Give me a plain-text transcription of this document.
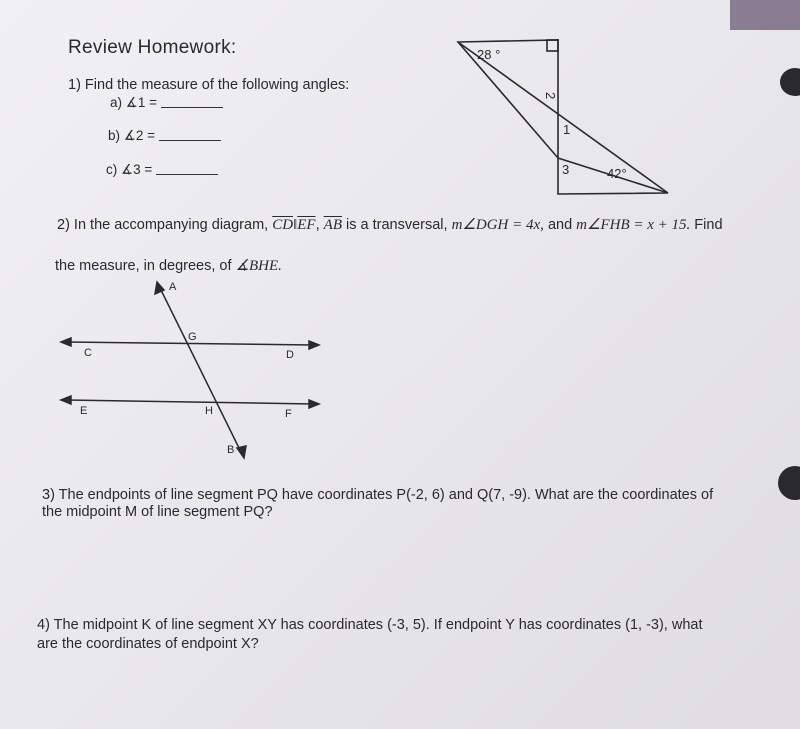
Review Homework:
1) Find the measure of the following angles:
a) ∡1 =
b) ∡2 =
c) ∡3 =
28 °
2
1
3	42°
2) In the accompanying diagram, $\overline{CD}‖\overline{EF}$, $\overline{AB}$ is a transversal, m∠DGH = 4x, and m∠FHB = x + 15. Find
the measure, in degrees, of ∡BHE.
A
G
C	D
E	H	F
B
3) The endpoints of line segment PQ have coordinates P(-2, 6) and Q(7, -9). What are the coordinates of
the midpoint M of line segment PQ?
4) The midpoint K of line segment XY has coordinates (-3, 5). If endpoint Y has coordinates (1, -3), what
are the coordinates of endpoint X?
